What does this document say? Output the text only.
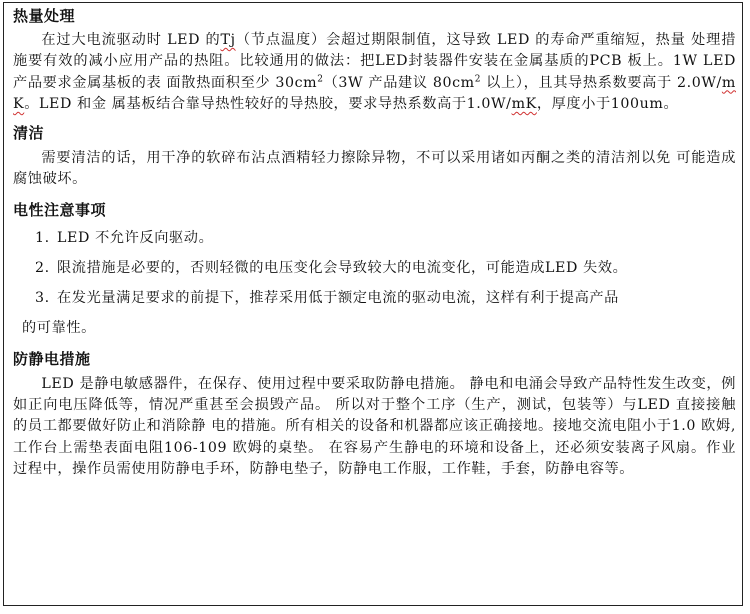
热量处理

在过大电流驱动时 LED 的Tj（节点温度）会超过期限制值，这导致 LED 的寿命严重缩短，热量 处理措施要有效的减小应用产品的热阻。比较通用的做法：把LED封装器件安装在金属基质的PCB 板上。1W LED 产品要求金属基板的表 面散热面积至少 $30cm^2(3W$ 产品建议 $80cm^2$ 以上），且其导热系数要高于 2.0W/mK。LED 和金 属基板结合靠导热性较好的导热胶，要求导热系数高于1.0W/mK，厚度小于100um。

清洁

需要清洁的话，用干净的软碎布沾点酒精轻力擦除异物，不可以采用诸如丙酮之类的清洁剂以免 可能造成腐蚀破坏。

电性注意事项
1. LED 不允许反向驱动。
2. 限流措施是必要的，否则轻微的电压变化会导致较大的电流变化，可能造成LED 失效。
3. 在发光量满足要求的前提下，推荐采用低于额定电流的驱动电流，这样有利于提高产品
的可靠性。
防静电措施

LED 是静电敏感器件，在保存、使用过程中要采取防静电措施。 静电和电涌会导致产品特性发生改变，例如正向电压降低等，情况严重甚至会损毁产品。 所以对于整个工序（生产，测试，包装等）与LED 直接接触的员工都要做好防止和消除静 电的措施。所有相关的设备和机器都应该正确接地。接地交流电阻小于1.0 欧姆,工作台上需垫表面电阻106-109 欧姆的桌垫。 在容易产生静电的环境和设备上，还必须安装离子风扇。作业过程中，操作员需使用防静电手环，防静电垫子，防静电工作服，工作鞋，手套，防静电容等。
